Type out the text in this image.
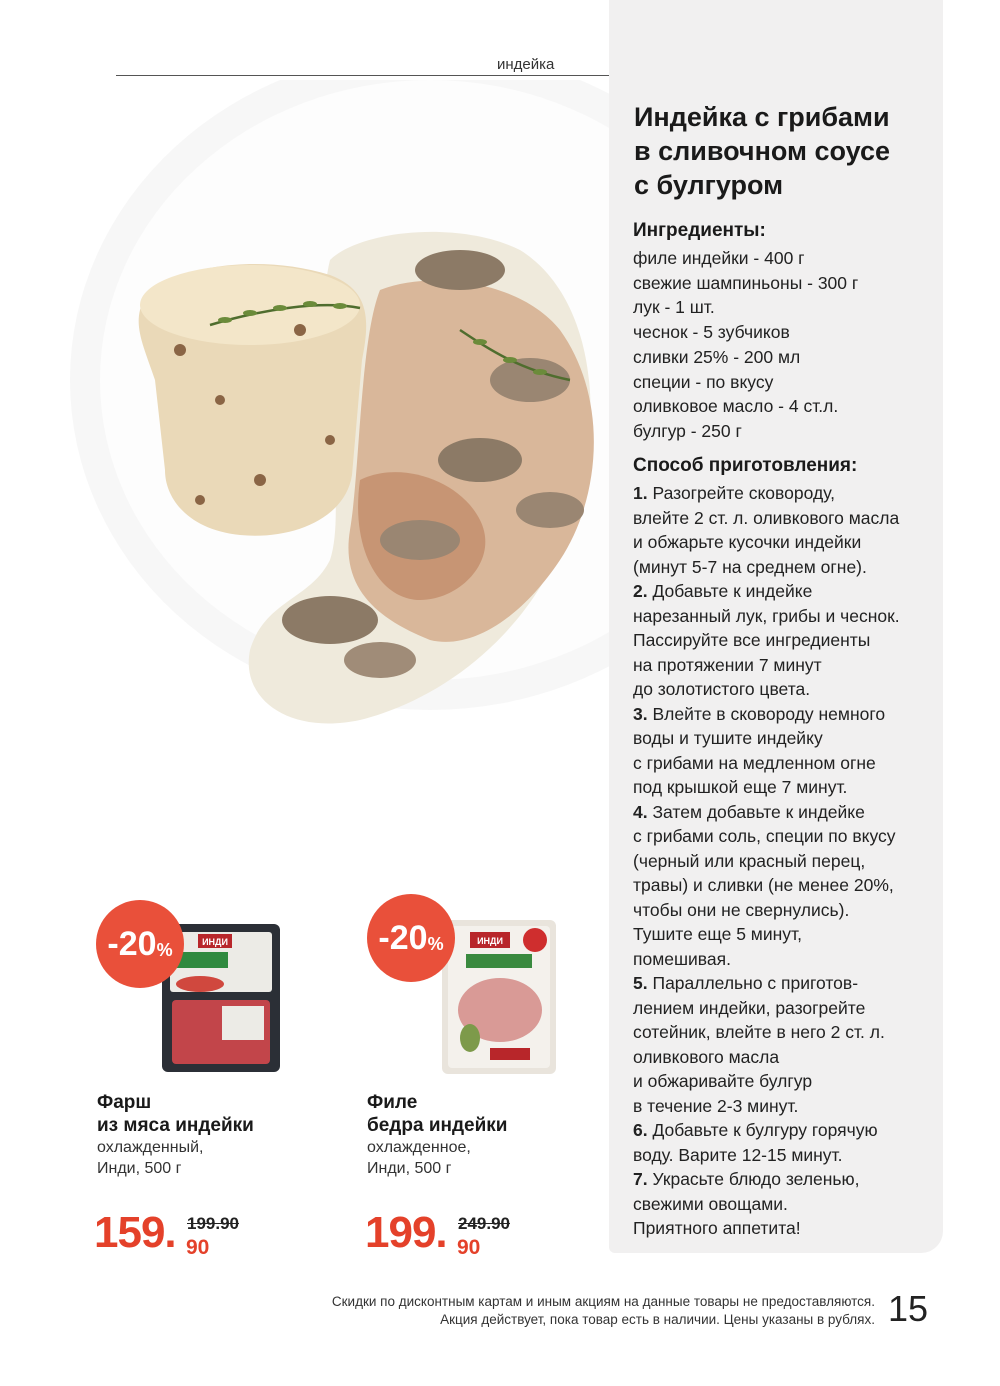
индейка
Индейка с грибами
в сливочном соусе
с булгуром
Ингредиенты:
филе индейки - 400 г
свежие шампиньоны - 300 г
лук - 1 шт.
чеснок - 5 зубчиков
сливки 25% - 200 мл
специи - по вкусу
оливковое масло - 4 ст.л.
булгур - 250 г
Способ приготовления:
1. Разогрейте сковороду,
влейте 2 ст. л. оливкового масла
и обжарьте кусочки индейки
(минут 5-7 на среднем огне).
2. Добавьте к индейке
нарезанный лук, грибы и чеснок.
Пассируйте все ингредиенты
на протяжении 7 минут
до золотистого цвета.
3. Влейте в сковороду немного
воды и тушите индейку
с грибами на медленном огне
под крышкой еще 7 минут.
4. Затем добавьте к индейке
с грибами соль, специи по вкусу
(черный или красный перец,
травы) и сливки (не менее 20%,
чтобы они не свернулись).
Тушите еще 5 минут,
помешивая.
5. Параллельно с приготов-
лением индейки, разогрейте
сотейник, влейте в него 2 ст. л.
оливкового масла
и обжаривайте булгур
в течение 2-3 минут.
6. Добавьте к булгуру горячую
воду. Варите 12-15 минут.
7. Украсьте блюдо зеленью,
свежими овощами.
Приятного аппетита!
ИНДИ
-20 %
Фарш
из мяса индейки
охлажденный,
Инди, 500 г
199.90
159. 90
ИНДИ
-20 %
Филе
бедра индейки
охлажденное,
Инди, 500 г
249.90
199. 90
Скидки по дисконтным картам и иным акциям на данные товары не предоставляются.
Акция действует, пока товар есть в наличии. Цены указаны в рублях. 15
